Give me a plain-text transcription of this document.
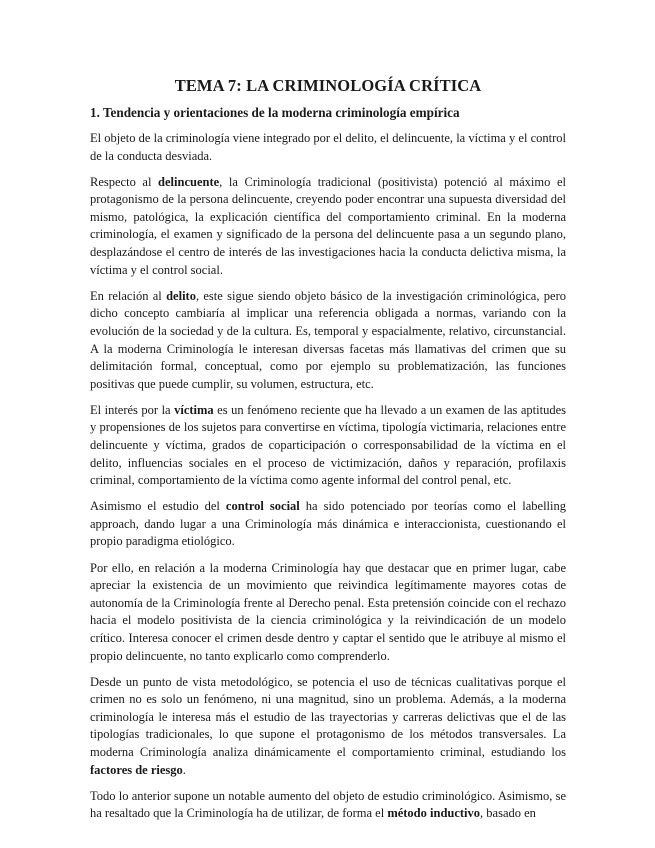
TEMA 7: LA CRIMINOLOGÍA CRÍTICA
1. Tendencia y orientaciones de la moderna criminología empírica

El objeto de la criminología viene integrado por el delito, el delincuente, la víctima y el control de la conducta desviada.

Respecto al delincuente, la Criminología tradicional (positivista) potenció al máximo el protagonismo de la persona delincuente, creyendo poder encontrar una supuesta diversidad del mismo, patológica, la explicación científica del comportamiento criminal. En la moderna criminología, el examen y significado de la persona del delincuente pasa a un segundo plano, desplazándose el centro de interés de las investigaciones hacia la conducta delictiva misma, la víctima y el control social.

En relación al delito, este sigue siendo objeto básico de la investigación criminológica, pero dicho concepto cambiaría al implicar una referencia obligada a normas, variando con la evolución de la sociedad y de la cultura. Es, temporal y espacialmente, relativo, circunstancial. A la moderna Criminología le interesan diversas facetas más llamativas del crimen que su delimitación formal, conceptual, como por ejemplo su problematización, las funciones positivas que puede cumplir, su volumen, estructura, etc.

El interés por la víctima es un fenómeno reciente que ha llevado a un examen de las aptitudes y propensiones de los sujetos para convertirse en víctima, tipología victimaria, relaciones entre delincuente y víctima, grados de coparticipación o corresponsabilidad de la víctima en el delito, influencias sociales en el proceso de victimización, daños y reparación, profilaxis criminal, comportamiento de la víctima como agente informal del control penal, etc.

Asimismo el estudio del control social ha sido potenciado por teorías como el labelling approach, dando lugar a una Criminología más dinámica e interaccionista, cuestionando el propio paradigma etiológico.

Por ello, en relación a la moderna Criminología hay que destacar que en primer lugar, cabe apreciar la existencia de un movimiento que reivindica legítimamente mayores cotas de autonomía de la Criminología frente al Derecho penal. Esta pretensión coincide con el rechazo hacia el modelo positivista de la ciencia criminológica y la reivindicación de un modelo crítico. Interesa conocer el crimen desde dentro y captar el sentido que le atribuye al mismo el propio delincuente, no tanto explicarlo como comprenderlo.

Desde un punto de vista metodológico, se potencia el uso de técnicas cualitativas porque el crimen no es solo un fenómeno, ni una magnitud, sino un problema. Además, a la moderna criminología le interesa más el estudio de las trayectorias y carreras delictivas que el de las tipologías tradicionales, lo que supone el protagonismo de los métodos transversales. La moderna Criminología analiza dinámicamente el comportamiento criminal, estudiando los factores de riesgo.

Todo lo anterior supone un notable aumento del objeto de estudio criminológico. Asimismo, se ha resaltado que la Criminología ha de utilizar, de forma el método inductivo, basado en
